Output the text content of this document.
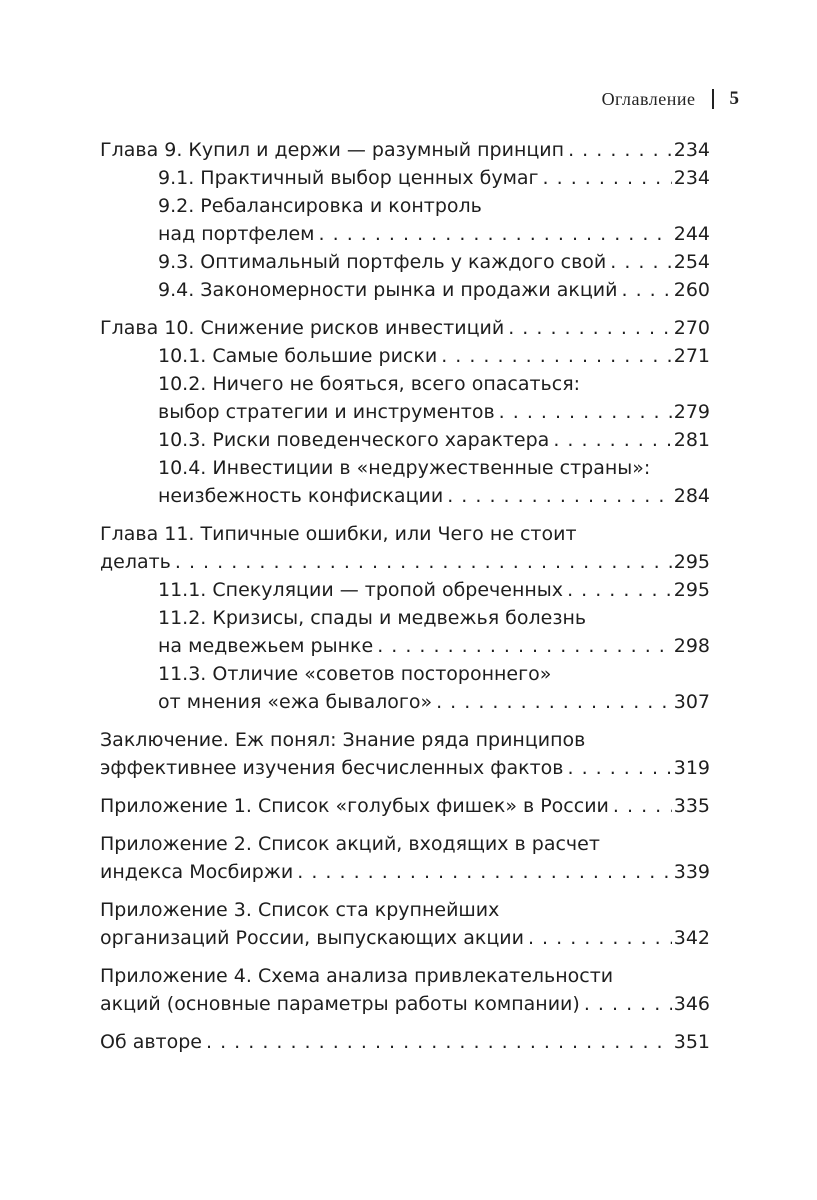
Оглавление 5
Глава 9. Купил и держи — разумный принцип . . .	234
9.1. Практичный выбор ценных бумаг . . .	234
9.2. Ребалансировка и контроль
над портфелем . . .	244
9.3. Оптимальный портфель у каждого свой . . .	254
9.4. Закономерности рынка и продажи акций . . .	260
Глава 10. Снижение рисков инвестиций . . .	270
10.1. Самые большие риски . . .	271
10.2. Ничего не бояться, всего опасаться:
выбор стратегии и инструментов . . .	279
10.3. Риски поведенческого характера . . .	281
10.4. Инвестиции в «недружественные страны»:
неизбежность конфискации . . .	284
Глава 11. Типичные ошибки, или Чего не стоит
делать . . .	295
11.1. Спекуляции — тропой обреченных . . .	295
11.2. Кризисы, спады и медвежья болезнь
на медвежьем рынке . . .	298
11.3. Отличие «советов постороннего»
от мнения «ежа бывалого» . . .	307
Заключение. Еж понял: Знание ряда принципов
эффективнее изучения бесчисленных фактов . . .	319
Приложение 1. Список «голубых фишек» в России . . .	335
Приложение 2. Список акций, входящих в расчет
индекса Мосбиржи . . .	339
Приложение 3. Список ста крупнейших
организаций России, выпускающих акции . . .	342
Приложение 4. Схема анализа привлекательности
акций (основные параметры работы компании) . . .	346
Об авторе . . .	351
